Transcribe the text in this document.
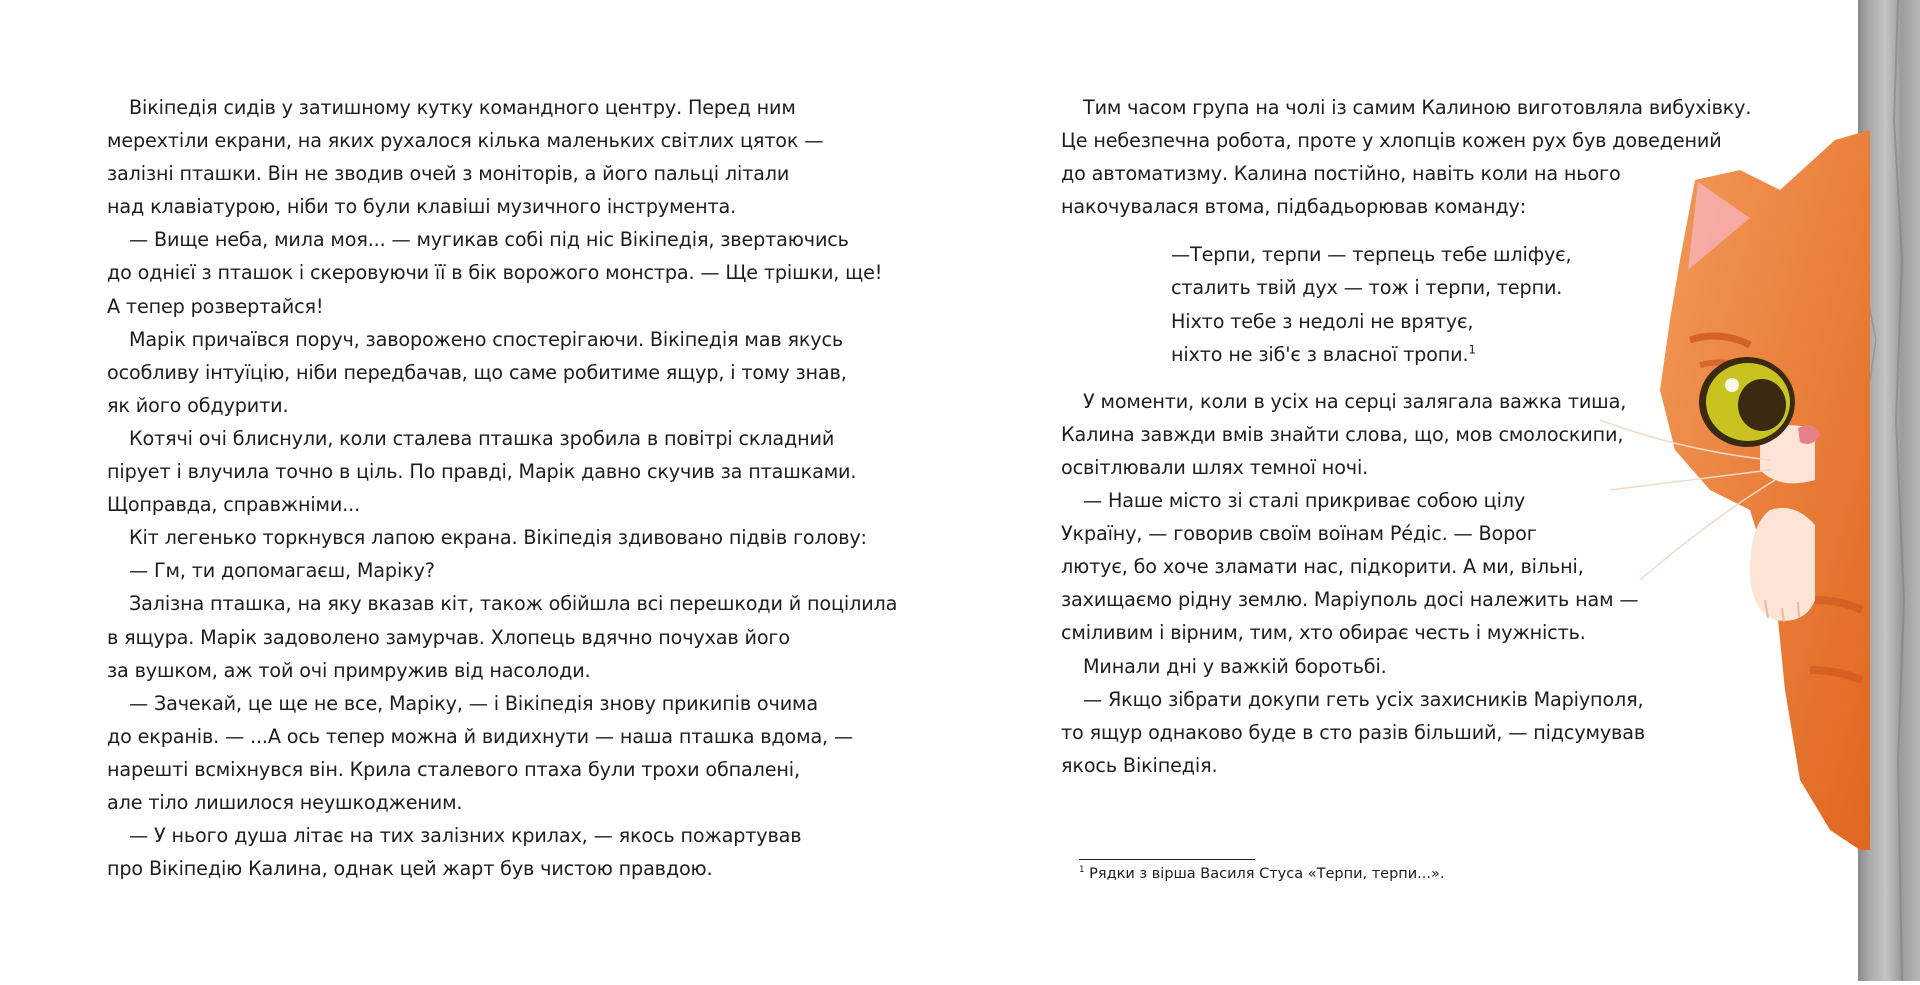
Вікіпедія сидів у затишному кутку командного центру. Перед ним

мерехтіли екрани, на яких рухалося кілька маленьких світлих цяток —

залізні пташки. Він не зводив очей з моніторів, а його пальці літали

над клавіатурою, ніби то були клавіші музичного інструмента.

— Вище неба, мила моя... — мугикав собі під ніс Вікіпедія, звертаючись

до однієї з пташок і скеровуючи її в бік ворожого монстра. — Ще трішки, ще!

А тепер розвертайся!

Марік причаївся поруч, заворожено спостерігаючи. Вікіпедія мав якусь

особливу інтуїцію, ніби передбачав, що саме робитиме ящур, і тому знав,

як його обдурити.

Котячі очі блиснули, коли сталева пташка зробила в повітрі складний

пірует і влучила точно в ціль. По правді, Марік давно скучив за пташками.

Щоправда, справжніми...

Кіт легенько торкнувся лапою екрана. Вікіпедія здивовано підвів голову:

— Гм, ти допомагаєш, Маріку?

Залізна пташка, на яку вказав кіт, також обійшла всі перешкоди й поцілила

в ящура. Марік задоволено замурчав. Хлопець вдячно почухав його

за вушком, аж той очі примружив від насолоди.

— Зачекай, це ще не все, Маріку, — і Вікіпедія знову прикипів очима

до екранів. — ...А ось тепер можна й видихнути — наша пташка вдома, —

нарешті всміхнувся він. Крила сталевого птаха були трохи обпалені,

але тіло лишилося неушкодженим.

— У нього душа літає на тих залізних крилах, — якось пожартував

про Вікіпедію Калина, однак цей жарт був чистою правдою.

Тим часом група на чолі із самим Калиною виготовляла вибухівку.

Це небезпечна робота, проте у хлопців кожен рух був доведений

до автоматизму. Калина постійно, навіть коли на нього

накочувалася втома, підбадьорював команду:

—Терпи, терпи — терпець тебе шліфує,

сталить твій дух — тож і терпи, терпи.

Ніхто тебе з недолі не врятує,

ніхто не зіб'є з власної тропи.$^1$

У моменти, коли в усіх на серці залягала важка тиша,

Калина завжди вмів знайти слова, що, мов смолоскипи,

освітлювали шлях темної ночі.

— Наше місто зі сталі прикриває собою цілу

Україну, — говорив своїм воїнам Рéдіс. — Ворог

лютує, бо хоче зламати нас, підкорити. А ми, вільні,

захищаємо рідну землю. Маріуполь досі належить нам —

сміливим і вірним, тим, хто обирає честь і мужність.

Минали дні у важкій боротьбі.

— Якщо зібрати докупи геть усіх захисників Маріуполя,

то ящур однаково буде в сто разів більший, — підсумував

якось Вікіпедія.

$^1$ Рядки з вірша Василя Стуса «Терпи, терпи...».
